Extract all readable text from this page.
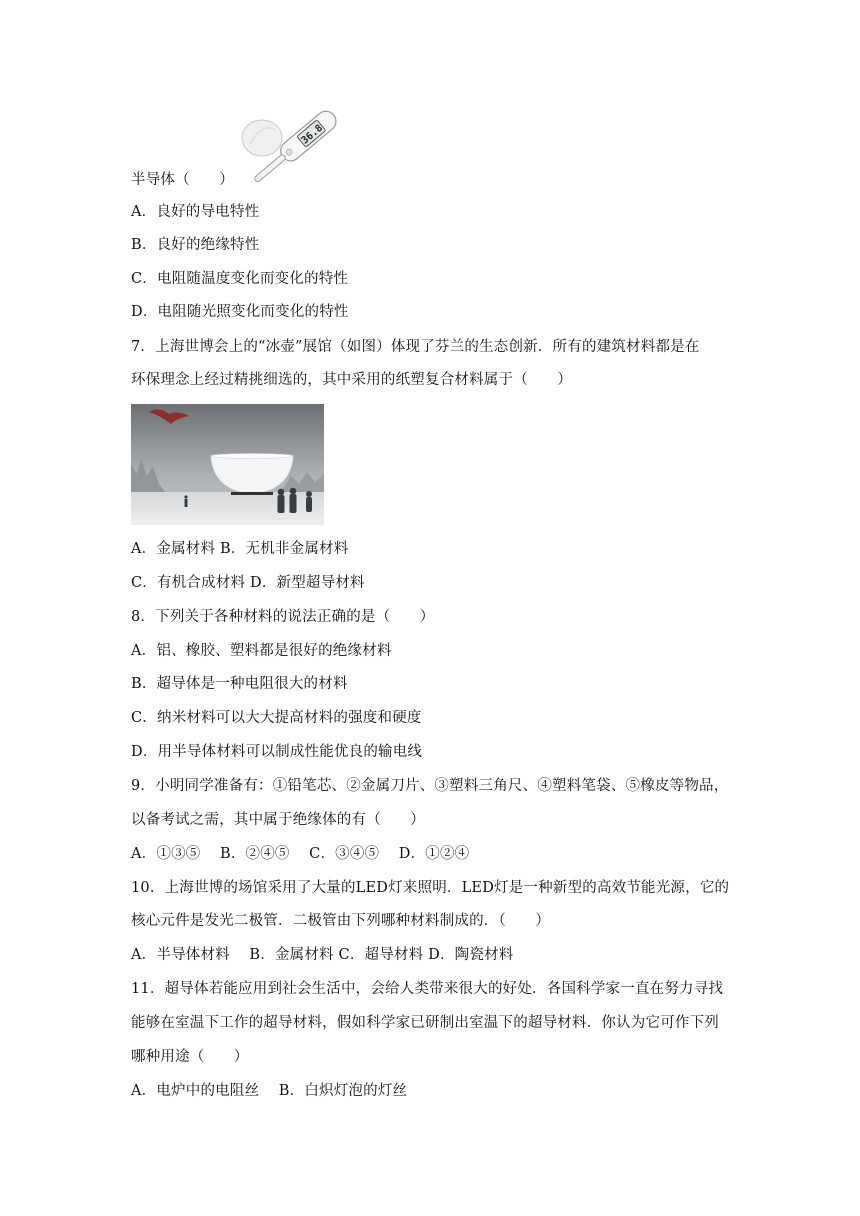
36.8
半导体（　　）
A．良好的导电特性
B．良好的绝缘特性
C．电阻随温度变化而变化的特性
D．电阻随光照变化而变化的特性
7．上海世博会上的“冰壶”展馆（如图）体现了芬兰的生态创新．所有的建筑材料都是在
环保理念上经过精挑细选的，其中采用的纸塑复合材料属于（　　）
A．金属材料 B．无机非金属材料
C．有机合成材料 D．新型超导材料
8．下列关于各种材料的说法正确的是（　　）
A．铝、橡胶、塑料都是很好的绝缘材料
B．超导体是一种电阻很大的材料
C．纳米材料可以大大提高材料的强度和硬度
D．用半导体材料可以制成性能优良的输电线
9．小明同学准备有：①铅笔芯、②金属刀片、③塑料三角尺、④塑料笔袋、⑤橡皮等物品，
以备考试之需，其中属于绝缘体的有（　　）
A．①③⑤　 B．②④⑤　 C．③④⑤　 D．①②④
10．上海世博的场馆采用了大量的LED灯来照明．LED灯是一种新型的高效节能光源，它的
核心元件是发光二极管．二极管由下列哪种材料制成的．（　　）
A．半导体材料　 B．金属材料 C．超导材料 D．陶瓷材料
11．超导体若能应用到社会生活中，会给人类带来很大的好处．各国科学家一直在努力寻找
能够在室温下工作的超导材料，假如科学家已研制出室温下的超导材料．你认为它可作下列
哪种用途（　　）
A．电炉中的电阻丝　 B．白炽灯泡的灯丝
